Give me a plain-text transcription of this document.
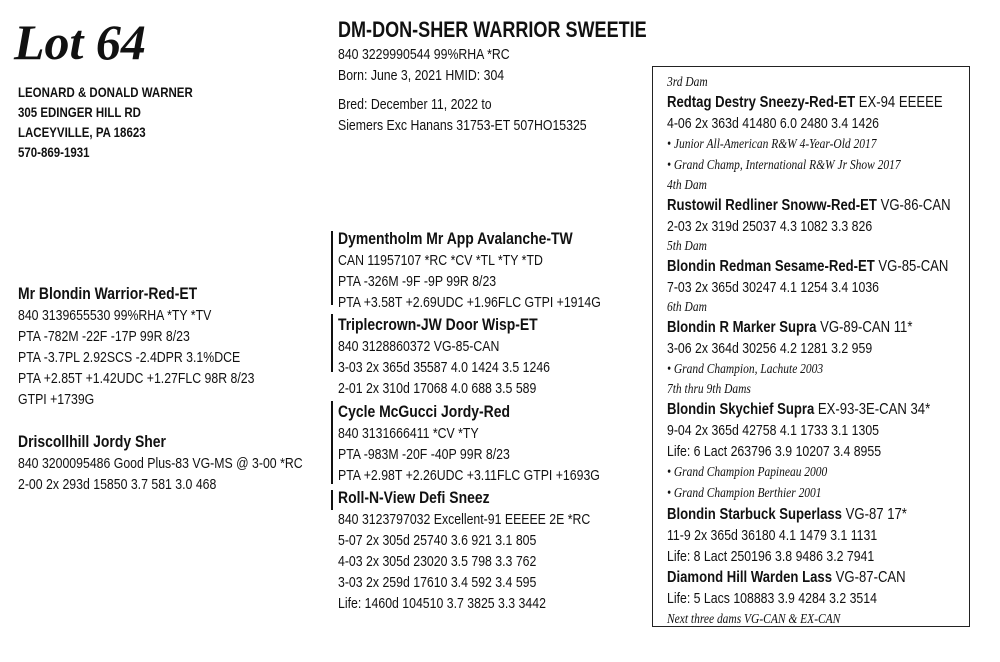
Lot 64
LEONARD & DONALD WARNER
305 EDINGER HILL RD
LACEYVILLE, PA 18623
570-869-1931
DM-DON-SHER WARRIOR SWEETIE
840 3229990544 99%RHA *RC
Born: June 3, 2021 HMID: 304
Bred: December 11, 2022 to
Siemers Exc Hanans 31753-ET 507HO15325
Mr Blondin Warrior-Red-ET
840 3139655530 99%RHA *TY *TV
PTA -782M -22F -17P 99R 8/23
PTA -3.7PL 2.92SCS -2.4DPR 3.1%DCE
PTA +2.85T +1.42UDC +1.27FLC 98R 8/23
GTPI +1739G
Driscollhill Jordy Sher
840 3200095486 Good Plus-83 VG-MS @ 3-00 *RC
2-00 2x 293d 15850 3.7 581 3.0 468
Dymentholm Mr App Avalanche-TW
CAN 11957107 *RC *CV *TL *TY *TD
PTA -326M -9F -9P 99R 8/23
PTA +3.58T +2.69UDC +1.96FLC GTPI +1914G
Triplecrown-JW Door Wisp-ET
840 3128860372 VG-85-CAN
3-03 2x 365d 35587 4.0 1424 3.5 1246
2-01 2x 310d 17068 4.0 688 3.5 589
Cycle McGucci Jordy-Red
840 3131666411 *CV *TY
PTA -983M -20F -40P 99R 8/23
PTA +2.98T +2.26UDC +3.11FLC GTPI +1693G
Roll-N-View Defi Sneez
840 3123797032 Excellent-91 EEEEE 2E *RC
5-07 2x 305d 25740 3.6 921 3.1 805
4-03 2x 305d 23020 3.5 798 3.3 762
3-03 2x 259d 17610 3.4 592 3.4 595
Life: 1460d 104510 3.7 3825 3.3 3442
3rd Dam
Redtag Destry Sneezy-Red-ET EX-94 EEEEE
4-06 2x 363d 41480 6.0 2480 3.4 1426
• Junior All-American R&W 4-Year-Old 2017
• Grand Champ, International R&W Jr Show 2017
4th Dam
Rustowil Redliner Snoww-Red-ET VG-86-CAN
2-03 2x 319d 25037 4.3 1082 3.3 826
5th Dam
Blondin Redman Sesame-Red-ET VG-85-CAN
7-03 2x 365d 30247 4.1 1254 3.4 1036
6th Dam
Blondin R Marker Supra VG-89-CAN 11*
3-06 2x 364d 30256 4.2 1281 3.2 959
• Grand Champion, Lachute 2003
7th thru 9th Dams
Blondin Skychief Supra EX-93-3E-CAN 34*
9-04 2x 365d 42758 4.1 1733 3.1 1305
Life: 6 Lact 263796 3.9 10207 3.4 8955
• Grand Champion Papineau 2000
• Grand Champion Berthier 2001
Blondin Starbuck Superlass VG-87 17*
11-9 2x 365d 36180 4.1 1479 3.1 1131
Life: 8 Lact 250196 3.8 9486 3.2 7941
Diamond Hill Warden Lass VG-87-CAN
Life: 5 Lacs 108883 3.9 4284 3.2 3514
Next three dams VG-CAN & EX-CAN
